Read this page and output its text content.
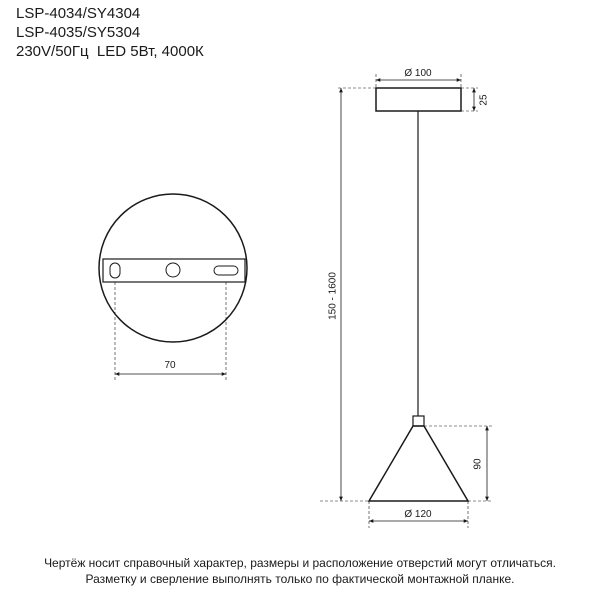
LSP-4034/SY4304
LSP-4035/SY5304
230V/50Гц  LED 5Вт, 4000К
70
Ø 100
25
150 - 1600
90
Ø 120
Чертёж носит справочный характер, размеры и расположение отверстий могут отличаться.
Разметку и сверление выполнять только по фактической монтажной планке.
